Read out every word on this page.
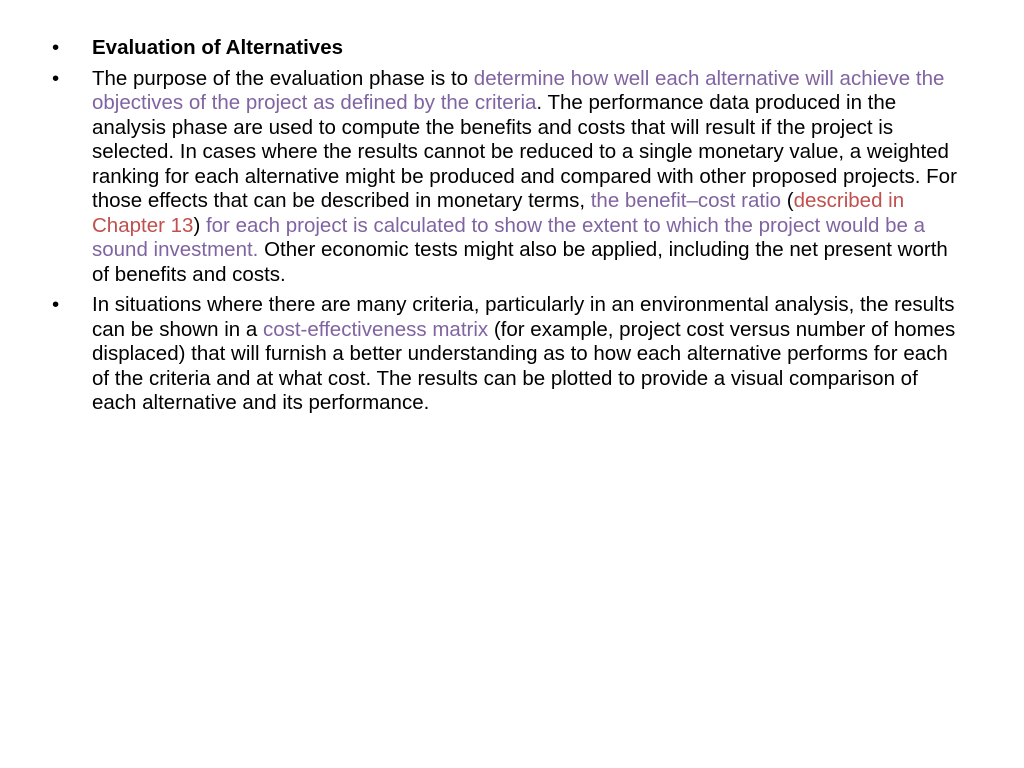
• Evaluation of Alternatives
• The purpose of the evaluation phase is to determine how well each alternative will achieve the objectives of the project as defined by the criteria. The performance data produced in the analysis phase are used to compute the benefits and costs that will result if the project is selected. In cases where the results cannot be reduced to a single monetary value, a weighted ranking for each alternative might be produced and compared with other proposed projects. For those effects that can be described in monetary terms, the benefit–cost ratio (described in Chapter 13) for each project is calculated to show the extent to which the project would be a sound investment. Other economic tests might also be applied, including the net present worth of benefits and costs.
• In situations where there are many criteria, particularly in an environmental analysis, the results can be shown in a cost-effectiveness matrix (for example, project cost versus number of homes displaced) that will furnish a better understanding as to how each alternative performs for each of the criteria and at what cost. The results can be plotted to provide a visual comparison of each alternative and its performance.
